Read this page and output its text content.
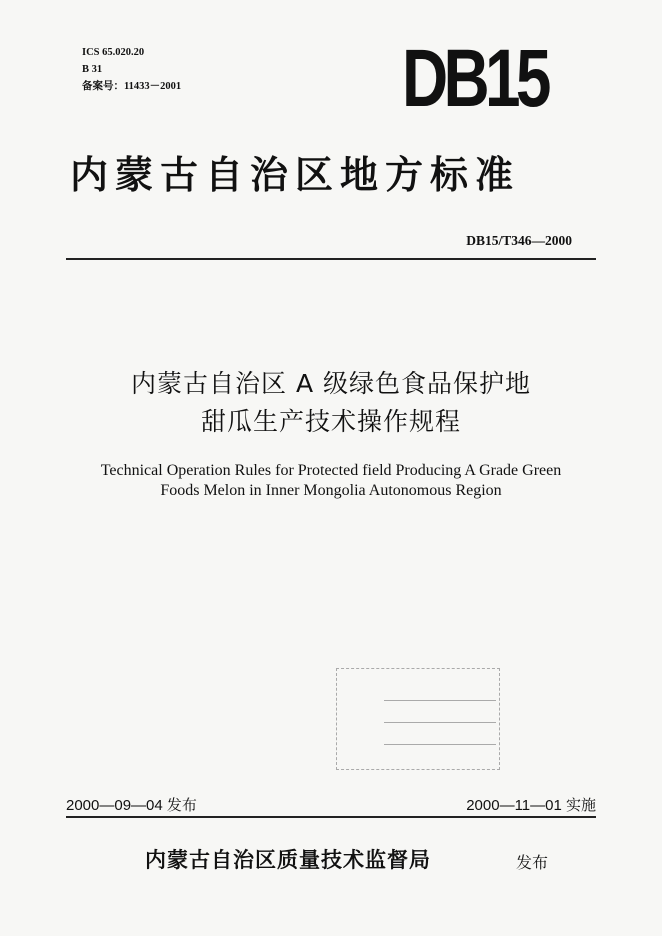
ICS 65.020.20
B 31
备案号：11433－2001	DB15
内蒙古自治区地方标准
DB15/T346—2000
内蒙古自治区 A 级绿色食品保护地
甜瓜生产技术操作规程
Technical Operation Rules for Protected field Producing A Grade Green
Foods Melon in Inner Mongolia Autonomous Region
2000—09—04 发布	2000—11—01 实施
内蒙古自治区质量技术监督局	发布
